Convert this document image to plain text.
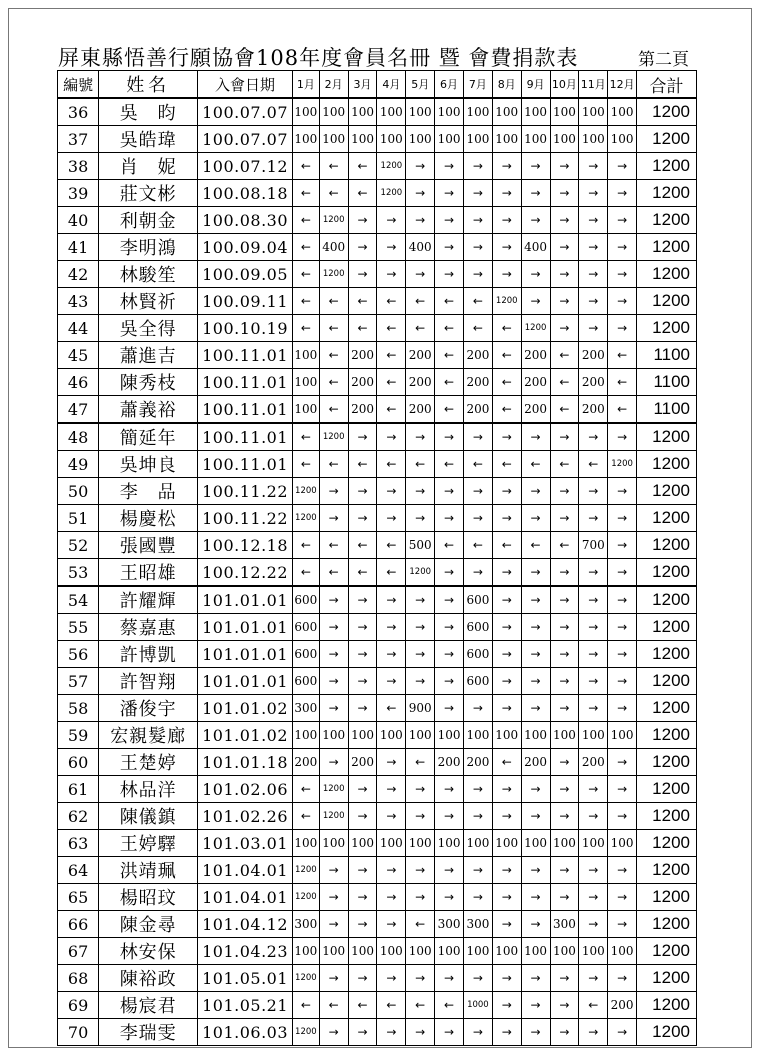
屏東縣悟善行願協會108年度會員名冊 暨 會費捐款表	第二頁
編號	姓名	入會日期	1月	2月	3月	4月	5月	6月	7月	8月	9月	10月	11月	12月	合計
36	吳　昀	100.07.07	100	100	100	100	100	100	100	100	100	100	100	100	1200
37	吳皓瑋	100.07.07	100	100	100	100	100	100	100	100	100	100	100	100	1200
38	肖　妮	100.07.12	←	←	←	1200	→	→	→	→	→	→	→	→	1200
39	莊文彬	100.08.18	←	←	←	1200	→	→	→	→	→	→	→	→	1200
40	利朝金	100.08.30	←	1200	→	→	→	→	→	→	→	→	→	→	1200
41	李明鴻	100.09.04	←	400	→	→	400	→	→	→	400	→	→	→	1200
42	林駿笙	100.09.05	←	1200	→	→	→	→	→	→	→	→	→	→	1200
43	林賢祈	100.09.11	←	←	←	←	←	←	←	1200	→	→	→	→	1200
44	吳全得	100.10.19	←	←	←	←	←	←	←	←	1200	→	→	→	1200
45	蕭進吉	100.11.01	100	←	200	←	200	←	200	←	200	←	200	←	1100
46	陳秀枝	100.11.01	100	←	200	←	200	←	200	←	200	←	200	←	1100
47	蕭義裕	100.11.01	100	←	200	←	200	←	200	←	200	←	200	←	1100
48	簡延年	100.11.01	←	1200	→	→	→	→	→	→	→	→	→	→	1200
49	吳坤良	100.11.01	←	←	←	←	←	←	←	←	←	←	←	1200	1200
50	李　品	100.11.22	1200	→	→	→	→	→	→	→	→	→	→	→	1200
51	楊慶松	100.11.22	1200	→	→	→	→	→	→	→	→	→	→	→	1200
52	張國豐	100.12.18	←	←	←	←	500	←	←	←	←	←	700	→	1200
53	王昭雄	100.12.22	←	←	←	←	1200	→	→	→	→	→	→	→	1200
54	許耀輝	101.01.01	600	→	→	→	→	→	600	→	→	→	→	→	1200
55	蔡嘉惠	101.01.01	600	→	→	→	→	→	600	→	→	→	→	→	1200
56	許博凱	101.01.01	600	→	→	→	→	→	600	→	→	→	→	→	1200
57	許智翔	101.01.01	600	→	→	→	→	→	600	→	→	→	→	→	1200
58	潘俊宇	101.01.02	300	→	→	←	900	→	→	→	→	→	→	→	1200
59	宏親髮廊	101.01.02	100	100	100	100	100	100	100	100	100	100	100	100	1200
60	王楚婷	101.01.18	200	→	200	→	←	200	200	←	200	→	200	→	1200
61	林品洋	101.02.06	←	1200	→	→	→	→	→	→	→	→	→	→	1200
62	陳儀鎮	101.02.26	←	1200	→	→	→	→	→	→	→	→	→	→	1200
63	王婷驛	101.03.01	100	100	100	100	100	100	100	100	100	100	100	100	1200
64	洪靖珮	101.04.01	1200	→	→	→	→	→	→	→	→	→	→	→	1200
65	楊昭玟	101.04.01	1200	→	→	→	→	→	→	→	→	→	→	→	1200
66	陳金尋	101.04.12	300	→	→	→	←	300	300	→	→	300	→	→	1200
67	林安保	101.04.23	100	100	100	100	100	100	100	100	100	100	100	100	1200
68	陳裕政	101.05.01	1200	→	→	→	→	→	→	→	→	→	→	→	1200
69	楊宸君	101.05.21	←	←	←	←	←	←	1000	→	→	→	←	200	1200
70	李瑞雯	101.06.03	1200	→	→	→	→	→	→	→	→	→	→	→	1200
